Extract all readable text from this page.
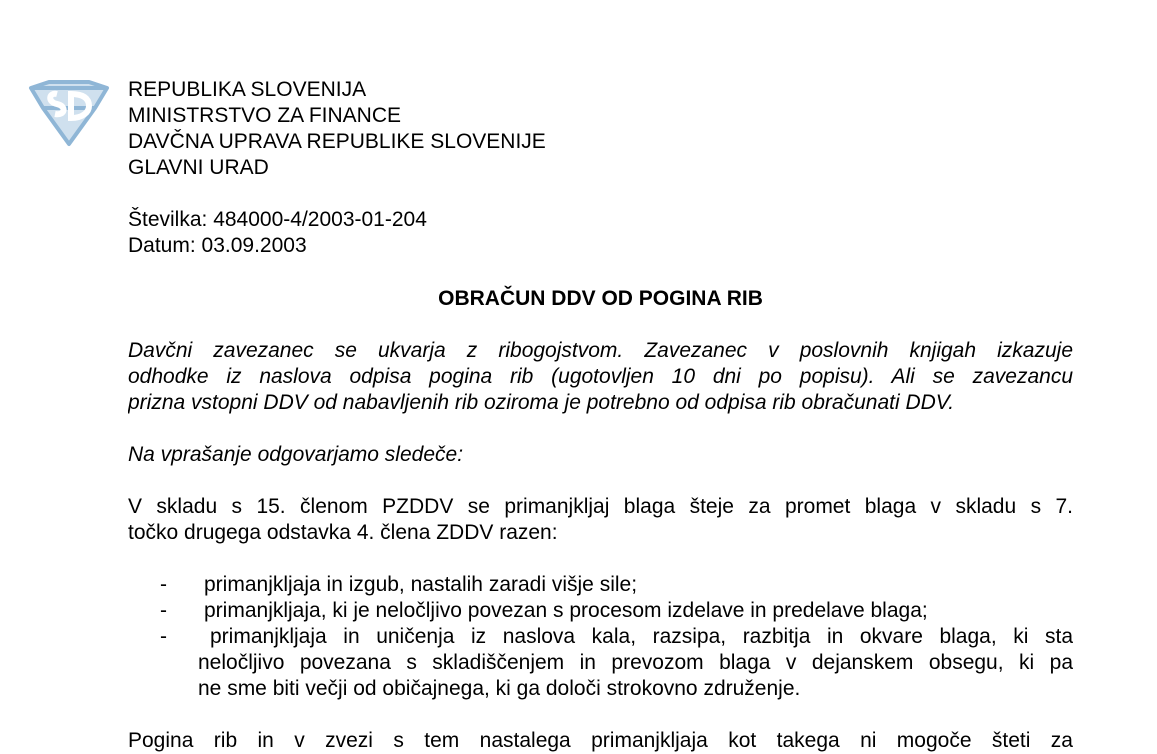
REPUBLIKA SLOVENIJA
MINISTRSTVO ZA FINANCE
DAVČNA UPRAVA REPUBLIKE SLOVENIJE
GLAVNI URAD
Številka: 484000-4/2003-01-204
Datum: 03.09.2003
OBRAČUN DDV OD POGINA RIB
Davčni zavezanec se ukvarja z ribogojstvom. Zavezanec v poslovnih knjigah izkazuje
odhodke iz naslova odpisa pogina rib (ugotovljen 10 dni po popisu). Ali se zavezancu
prizna vstopni DDV od nabavljenih rib oziroma je potrebno od odpisa rib obračunati DDV.
Na vprašanje odgovarjamo sledeče:
V skladu s 15. členom PZDDV se primanjkljaj blaga šteje za promet blaga v skladu s 7.
točko drugega odstavka 4. člena ZDDV razen:
- primanjkljaja in izgub, nastalih zaradi višje sile;
- primanjkljaja, ki je neločljivo povezan s procesom izdelave in predelave blaga;
- primanjkljaja in uničenja iz naslova kala, razsipa, razbitja in okvare blaga, ki sta
neločljivo povezana s skladiščenjem in prevozom blaga v dejanskem obsegu, ki pa
ne sme biti večji od običajnega, ki ga določi strokovno združenje.
Pogina rib in v zvezi s tem nastalega primanjkljaja kot takega ni mogoče šteti za
